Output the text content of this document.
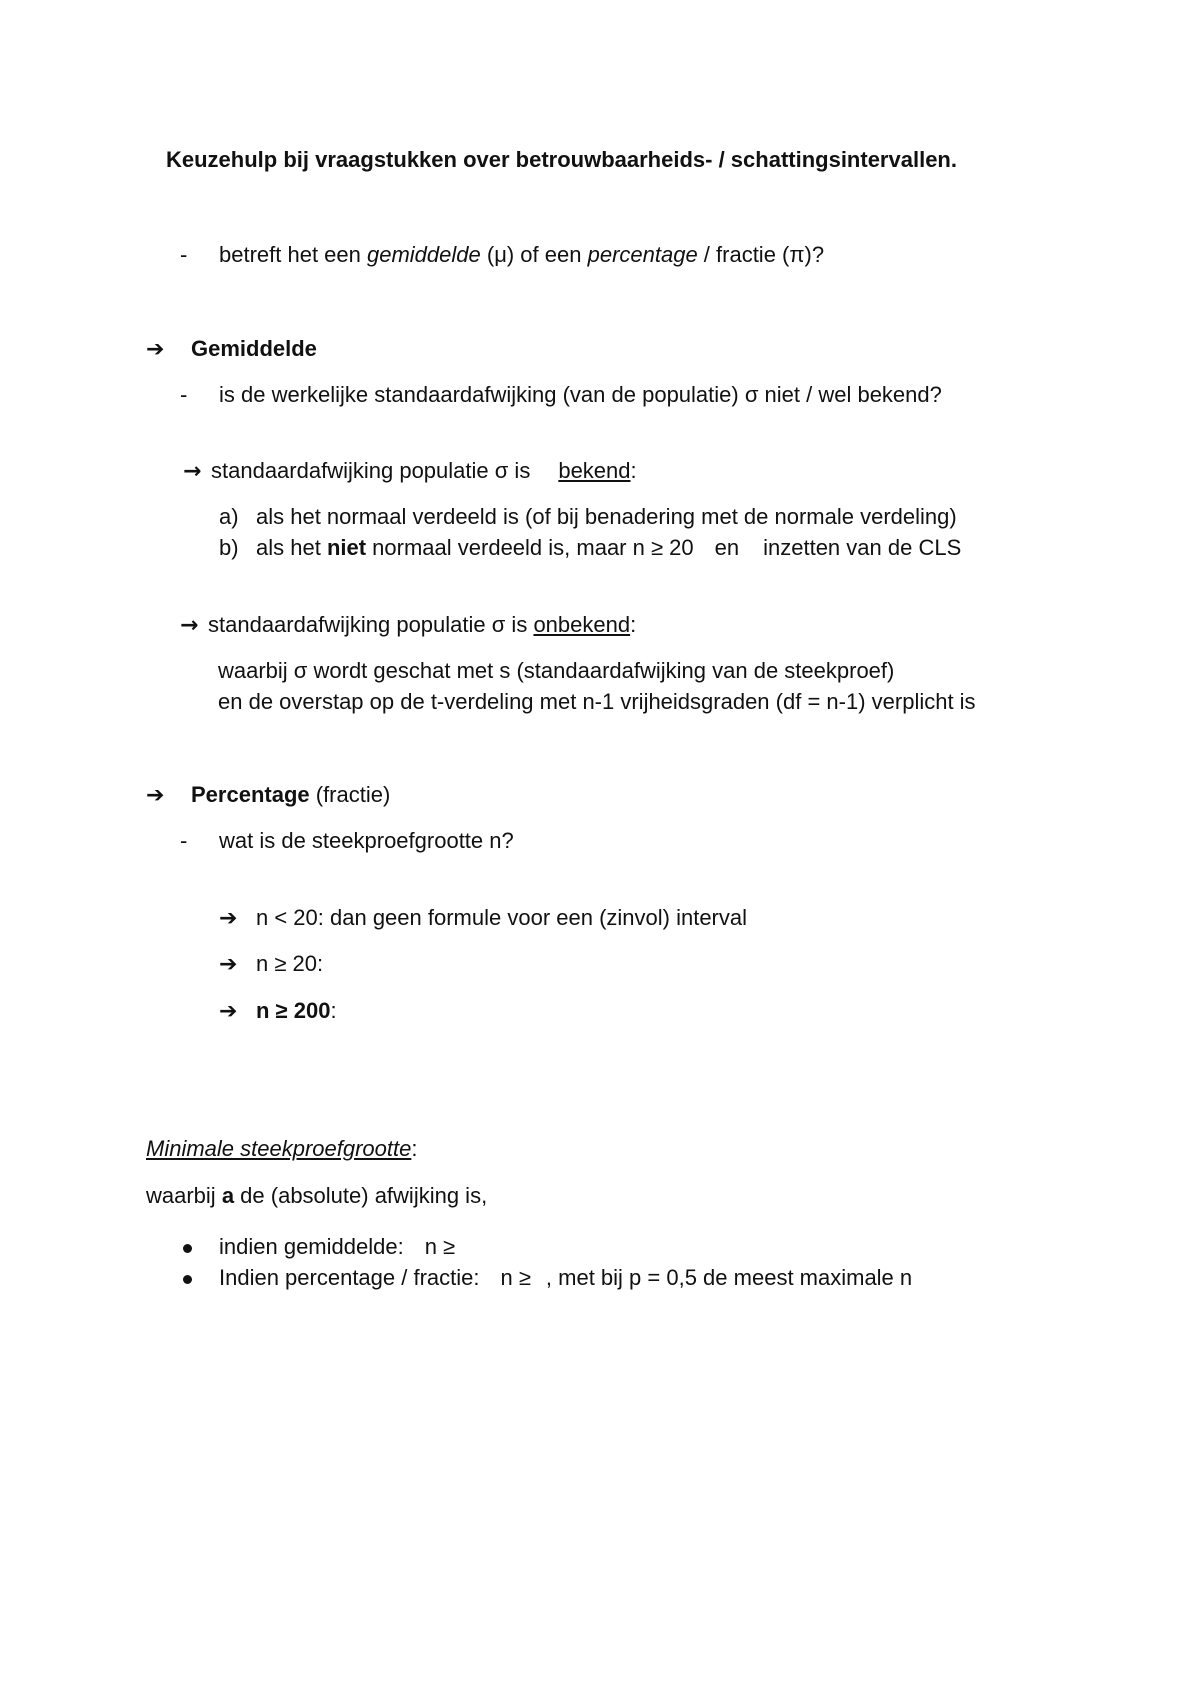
Keuzehulp bij vraagstukken over betrouwbaarheids- / schattingsintervallen.
- betreft het een gemiddelde (μ) of een percentage / fractie (π)?
➔ Gemiddelde
- is de werkelijke standaardafwijking (van de populatie) σ niet / wel bekend?
→ standaardafwijking populatie σ is bekend:
a) als het normaal verdeeld is (of bij benadering met de normale verdeling)
b) als het niet normaal verdeeld is, maar n ≥ 20 en inzetten van de CLS
→ standaardafwijking populatie σ is onbekend:
waarbij σ wordt geschat met s (standaardafwijking van de steekproef)
en de overstap op de t-verdeling met n-1 vrijheidsgraden (df = n-1) verplicht is
➔ Percentage (fractie)
- wat is de steekproefgrootte n?
➔ n < 20: dan geen formule voor een (zinvol) interval
➔ n ≥ 20:
➔ n ≥ 200:
Minimale steekproefgrootte:
waarbij a de (absolute) afwijking is,
indien gemiddelde: n ≥
Indien percentage / fractie: n ≥ , met bij p = 0,5 de meest maximale n
